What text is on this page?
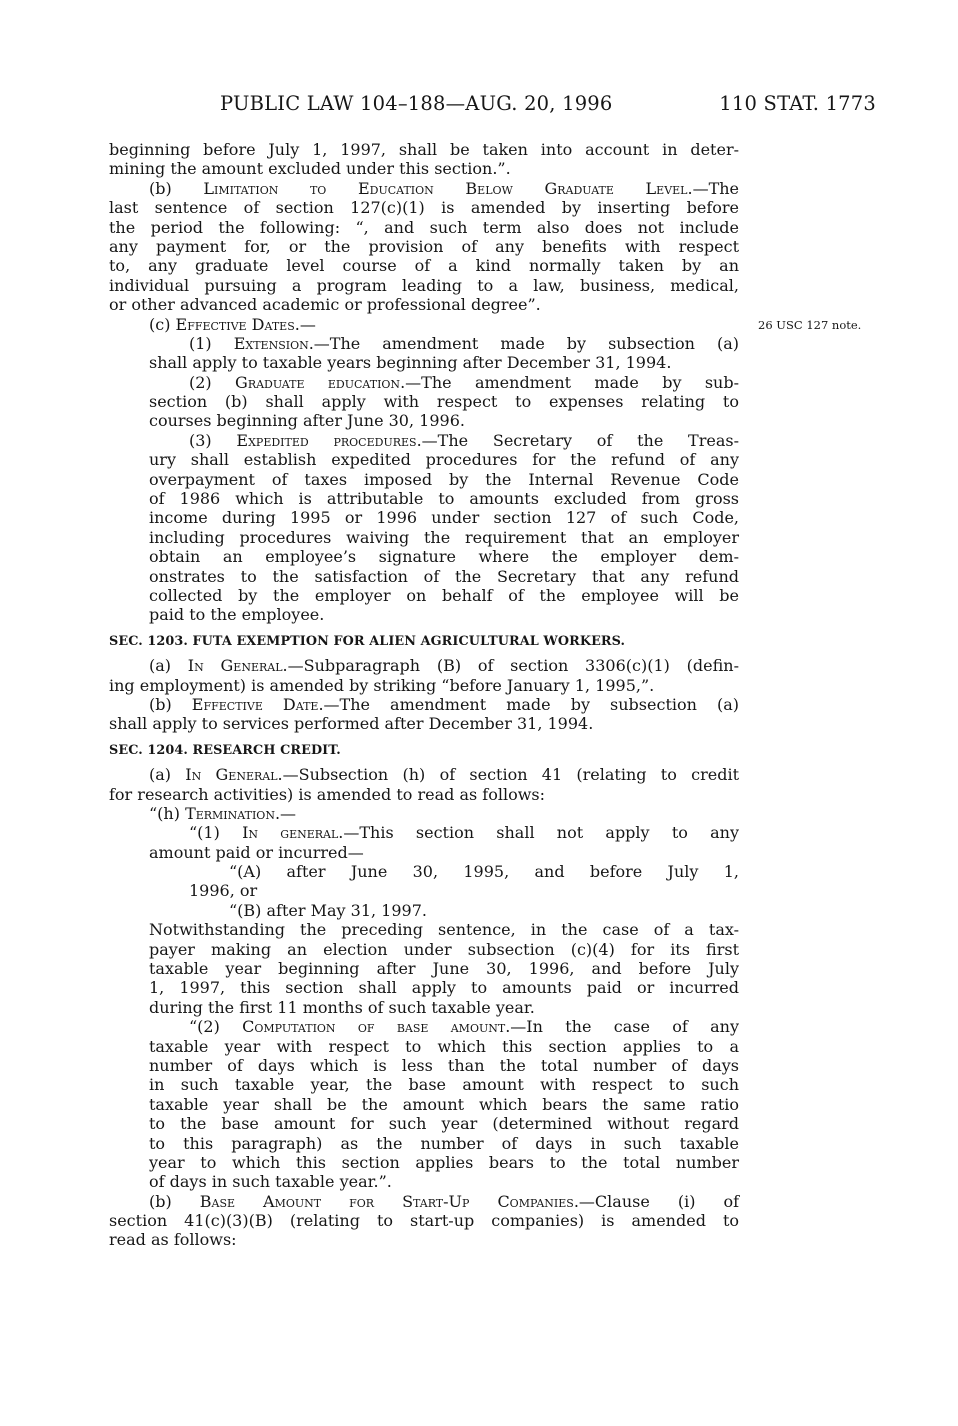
PUBLIC LAW 104–188—AUG. 20, 1996	110 STAT. 1773
26 USC 127 note.
beginning before July 1, 1997, shall be taken into account in deter-
mining the amount excluded under this section.”.
(b) Limitation to Education Below Graduate Level.—The
last sentence of section 127(c)(1) is amended by inserting before
the period the following: “, and such term also does not include
any payment for, or the provision of any benefits with respect
to, any graduate level course of a kind normally taken by an
individual pursuing a program leading to a law, business, medical,
or other advanced academic or professional degree”.
(c) Effective Dates.—
(1) Extension.—The amendment made by subsection (a)
shall apply to taxable years beginning after December 31, 1994.
(2) Graduate education.—The amendment made by sub-
section (b) shall apply with respect to expenses relating to
courses beginning after June 30, 1996.
(3) Expedited procedures.—The Secretary of the Treas-
ury shall establish expedited procedures for the refund of any
overpayment of taxes imposed by the Internal Revenue Code
of 1986 which is attributable to amounts excluded from gross
income during 1995 or 1996 under section 127 of such Code,
including procedures waiving the requirement that an employer
obtain an employee’s signature where the employer dem-
onstrates to the satisfaction of the Secretary that any refund
collected by the employer on behalf of the employee will be
paid to the employee.
SEC. 1203. FUTA EXEMPTION FOR ALIEN AGRICULTURAL WORKERS.
(a) In General.—Subparagraph (B) of section 3306(c)(1) (defin-
ing employment) is amended by striking “before January 1, 1995,”.
(b) Effective Date.—The amendment made by subsection (a)
shall apply to services performed after December 31, 1994.
SEC. 1204. RESEARCH CREDIT.
(a) In General.—Subsection (h) of section 41 (relating to credit
for research activities) is amended to read as follows:
“(h) Termination.—
“(1) In general.—This section shall not apply to any
amount paid or incurred—
“(A) after June 30, 1995, and before July 1,
1996, or
“(B) after May 31, 1997.
Notwithstanding the preceding sentence, in the case of a tax-
payer making an election under subsection (c)(4) for its first
taxable year beginning after June 30, 1996, and before July
1, 1997, this section shall apply to amounts paid or incurred
during the first 11 months of such taxable year.
“(2) Computation of base amount.—In the case of any
taxable year with respect to which this section applies to a
number of days which is less than the total number of days
in such taxable year, the base amount with respect to such
taxable year shall be the amount which bears the same ratio
to the base amount for such year (determined without regard
to this paragraph) as the number of days in such taxable
year to which this section applies bears to the total number
of days in such taxable year.”.
(b) Base Amount for Start-Up Companies.—Clause (i) of
section 41(c)(3)(B) (relating to start-up companies) is amended to
read as follows:
